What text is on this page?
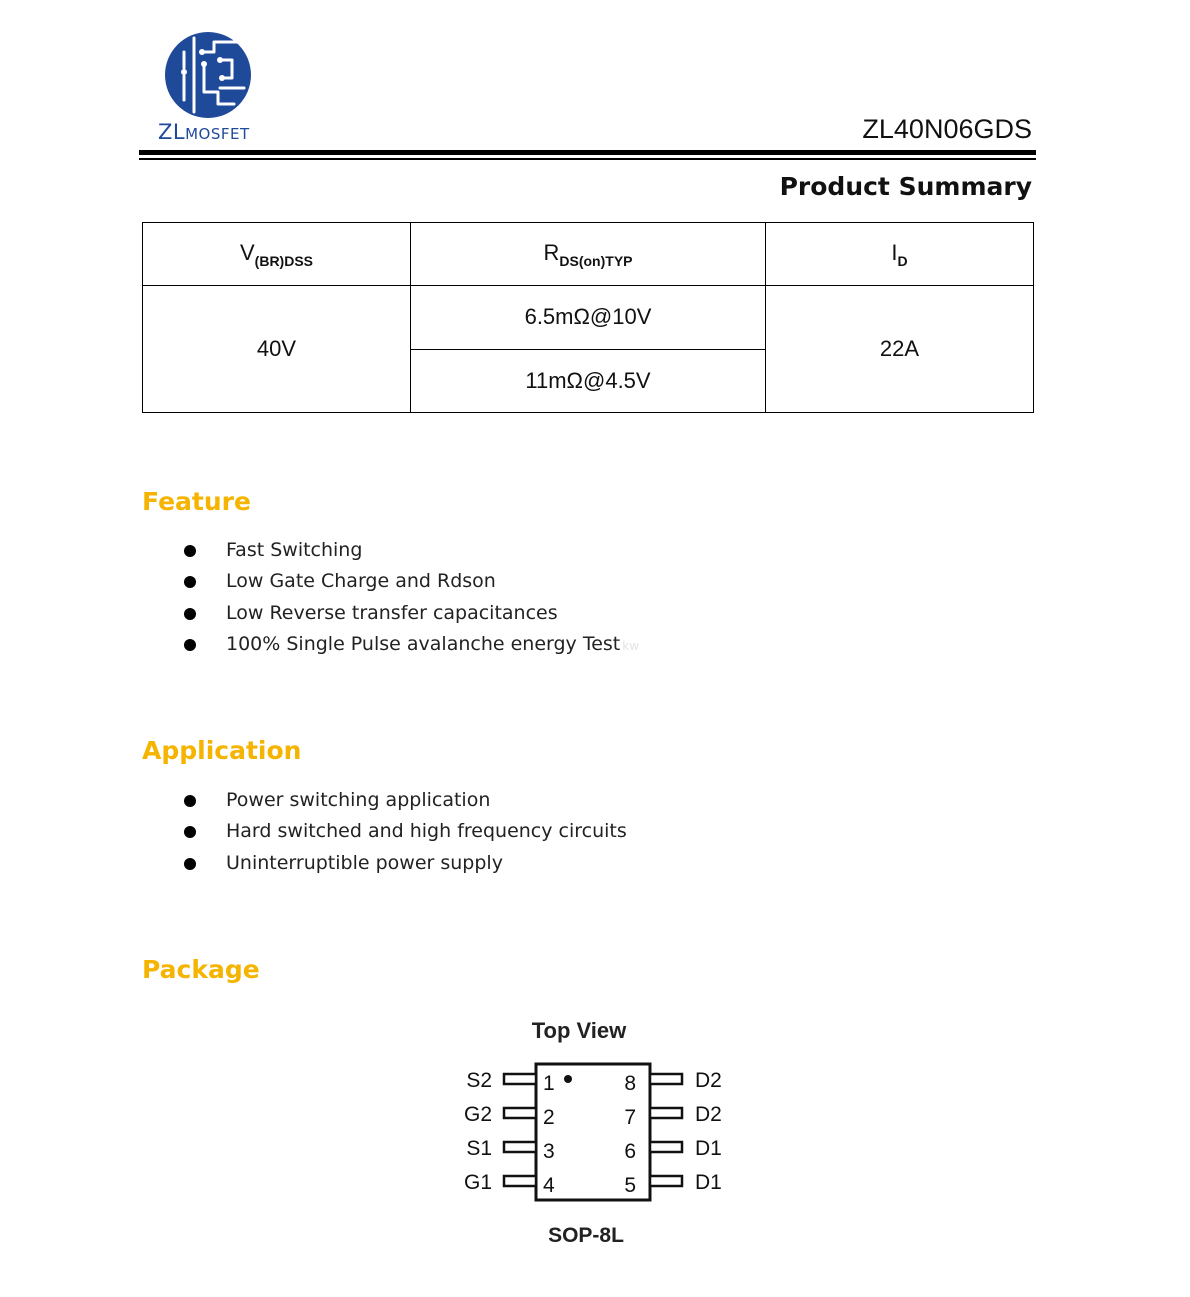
ZLMOSFET	ZL40N06GDS
Product Summary
$V_{(BR)DSS}$	$R_{DS(on)TYP}$	$I_D$
40V	6.5mΩ@10V	22A
	11mΩ@4.5V	
Feature
Fast Switching
Low Gate Charge and Rdson
Low Reverse transfer capacitances
100% Single Pulse avalanche energy Test kw
Application
Power switching application
Hard switched and high frequency circuits
Uninterruptible power supply
Package
Top View
S2
G2
S1
G1
1
2
3
4
8
7
6
5
D2
D2
D1
D1
SOP-8L
